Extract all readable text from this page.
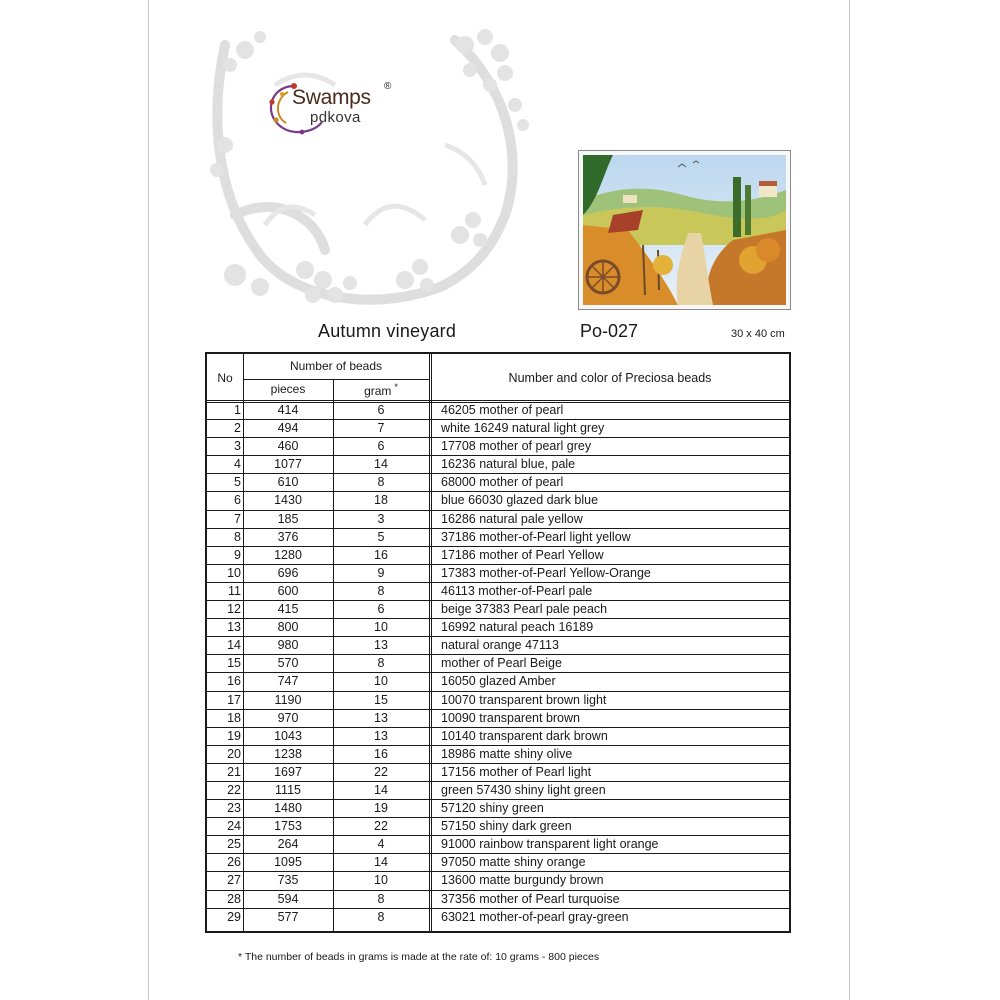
Swamps ®
pdkova
Autumn vineyard	Po-027	30 x 40 cm
No
Number of beads
pieces	gram *
Number and color of Preciosa beads
1	414	6	46205 mother of pearl
2	494	7	white 16249 natural light grey
3	460	6	17708 mother of pearl grey
4	1077	14	16236 natural blue, pale
5	610	8	68000 mother of pearl
6	1430	18	blue 66030 glazed dark blue
7	185	3	16286 natural pale yellow
8	376	5	37186 mother-of-Pearl light yellow
9	1280	16	17186 mother of Pearl Yellow
10	696	9	17383 mother-of-Pearl Yellow-Orange
11	600	8	46113 mother-of-Pearl pale
12	415	6	beige 37383 Pearl pale peach
13	800	10	16992 natural peach 16189
14	980	13	natural orange 47113
15	570	8	mother of Pearl Beige
16	747	10	16050 glazed Amber
17	1190	15	10070 transparent brown light
18	970	13	10090 transparent brown
19	1043	13	10140 transparent dark brown
20	1238	16	18986 matte shiny olive
21	1697	22	17156 mother of Pearl light
22	1115	14	green 57430 shiny light green
23	1480	19	57120 shiny green
24	1753	22	57150 shiny dark green
25	264	4	91000 rainbow transparent light orange
26	1095	14	97050 matte shiny orange
27	735	10	13600 matte burgundy brown
28	594	8	37356 mother of Pearl turquoise
29	577	8	63021 mother-of-pearl gray-green
* The number of beads in grams is made at the rate of: 10 grams - 800 pieces
